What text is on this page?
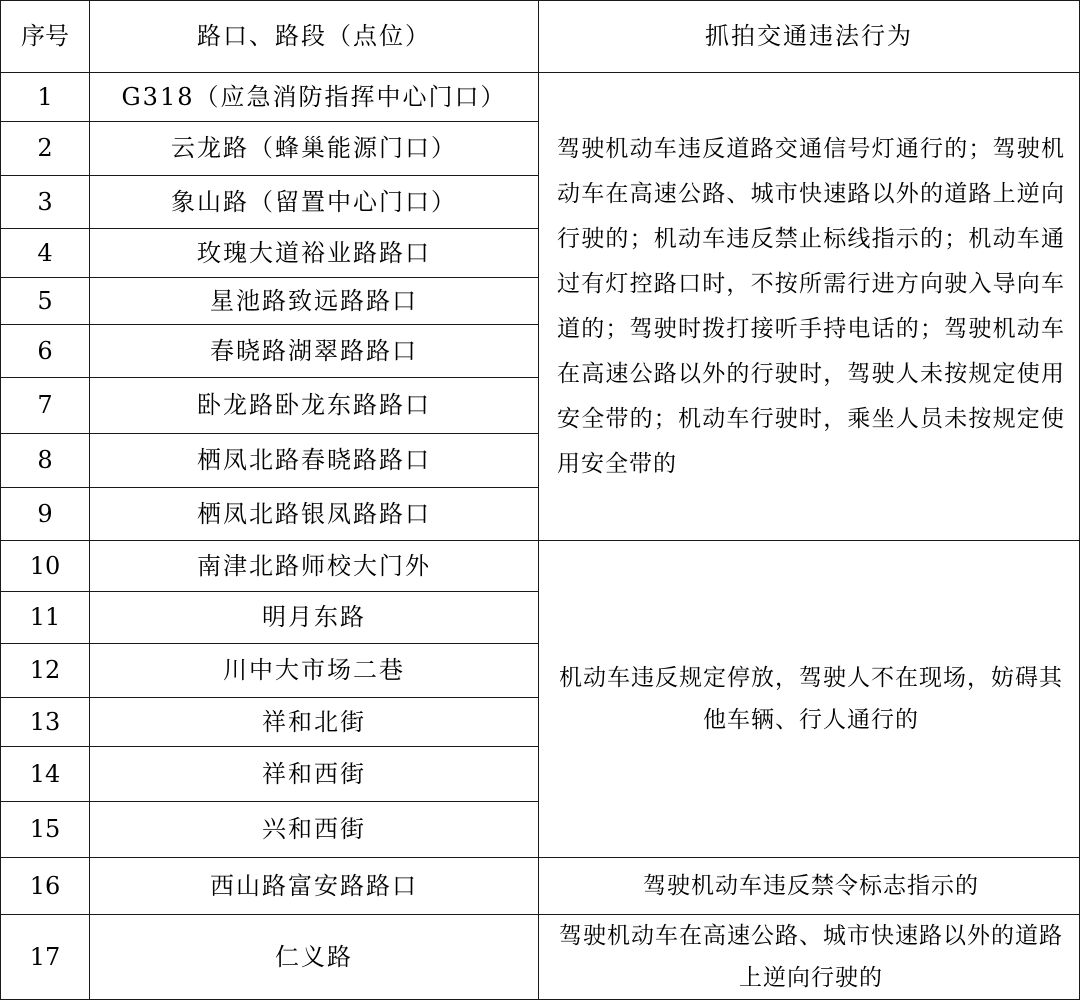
序号	路口、路段（点位）	抓拍交通违法行为
1	G318（应急消防指挥中心门口）	驾驶机动车违反道路交通信号灯通行的；驾驶机动车在高速公路、城市快速路以外的道路上逆向行驶的；机动车违反禁止标线指示的；机动车通过有灯控路口时，不按所需行进方向驶入导向车道的；驾驶时拨打接听手持电话的；驾驶机动车在高速公路以外的行驶时，驾驶人未按规定使用安全带的；机动车行驶时，乘坐人员未按规定使用安全带的
2	云龙路（蜂巢能源门口）	
3	象山路（留置中心门口）	
4	玫瑰大道裕业路路口	
5	星池路致远路路口	
6	春晓路湖翠路路口	
7	卧龙路卧龙东路路口	
8	栖凤北路春晓路路口	
9	栖凤北路银凤路路口	
10	南津北路师校大门外	机动车违反规定停放，驾驶人不在现场，妨碍其他车辆、行人通行的
11	明月东路	
12	川中大市场二巷	
13	祥和北街	
14	祥和西街	
15	兴和西街	
16	西山路富安路路口	驾驶机动车违反禁令标志指示的
17	仁义路	驾驶机动车在高速公路、城市快速路以外的道路上逆向行驶的
